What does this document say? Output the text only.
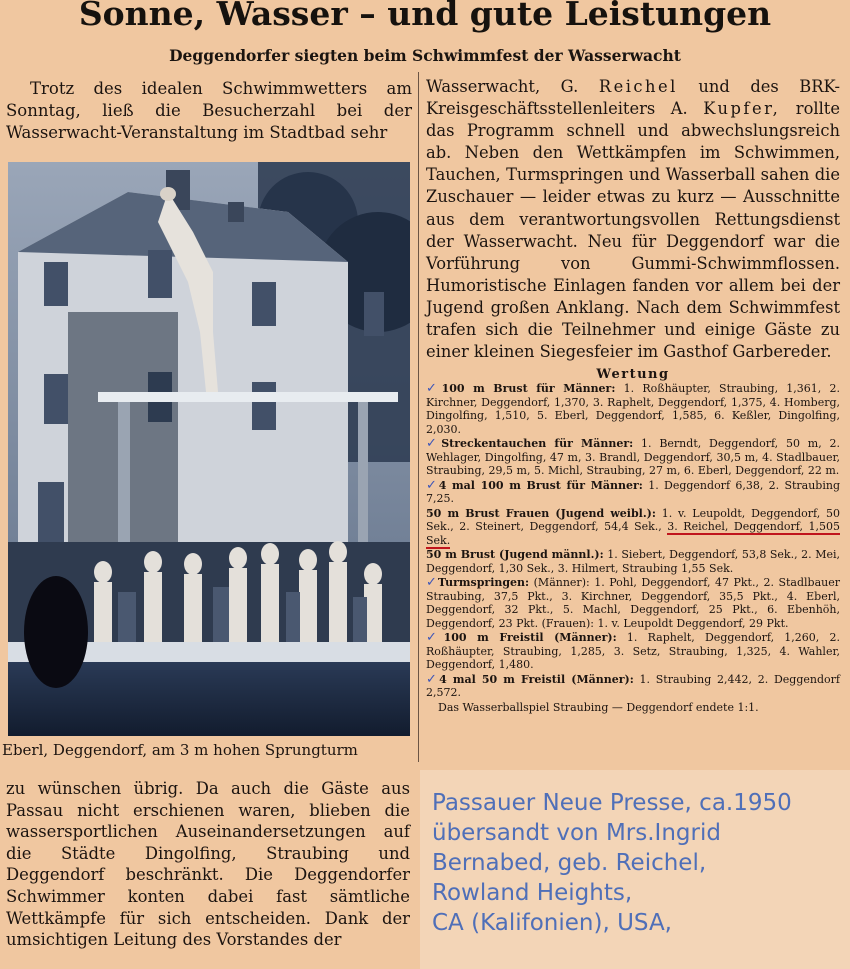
Sonne, Wasser – und gute Leistungen
Deggendorfer siegten beim Schwimmfest der Wasserwacht

Trotz des idealen Schwimmwetters am Sonntag, ließ die Besucherzahl bei der Wasserwacht-Veranstaltung im Stadtbad sehr

Eberl, Deggendorf, am 3 m hohen Sprungturm

Wasserwacht, G. Reichel und des BRK-Kreisgeschäftsstellenleiters A. Kupfer, rollte das Programm schnell und abwechslungsreich ab. Neben den Wettkämpfen im Schwimmen, Tauchen, Turmspringen und Wasserball sahen die Zuschauer — leider etwas zu kurz — Ausschnitte aus dem verantwortungsvollen Rettungsdienst der Wasserwacht. Neu für Deggendorf war die Vorführung von Gummi-Schwimmflossen. Humoristische Einlagen fanden vor allem bei der Jugend großen Anklang. Nach dem Schwimmfest trafen sich die Teilnehmer und einige Gäste zu einer kleinen Siegesfeier im Gasthof Garbereder.

Wertung

✓100 m Brust für Männer: 1. Roßhäupter, Straubing, 1,361, 2. Kirchner, Deggendorf, 1,370, 3. Raphelt, Deggendorf, 1,375, 4. Homberg, Dingolfing, 1,510, 5. Eberl, Deggendorf, 1,585, 6. Keßler, Dingolfing, 2,030.

✓Streckentauchen für Männer: 1. Berndt, Deggendorf, 50 m, 2. Wehlager, Dingolfing, 47 m, 3. Brandl, Deggendorf, 30,5 m, 4. Stadlbauer, Straubing, 29,5 m, 5. Michl, Straubing, 27 m, 6. Eberl, Deggendorf, 22 m.

✓4 mal 100 m Brust für Männer: 1. Deggendorf 6,38, 2. Straubing 7,25.

50 m Brust Frauen (Jugend weibl.): 1. v. Leupoldt, Deggendorf, 50 Sek., 2. Steinert, Deggendorf, 54,4 Sek., 3. Reichel, Deggendorf, 1,505 Sek.

50 m Brust (Jugend männl.): 1. Siebert, Deggendorf, 53,8 Sek., 2. Mei, Deggendorf, 1,30 Sek., 3. Hilmert, Straubing 1,55 Sek.

✓Turmspringen: (Männer): 1. Pohl, Deggendorf, 47 Pkt., 2. Stadlbauer Straubing, 37,5 Pkt., 3. Kirchner, Deggendorf, 35,5 Pkt., 4. Eberl, Deggendorf, 32 Pkt., 5. Machl, Deggendorf, 25 Pkt., 6. Ebenhöh, Deggendorf, 23 Pkt. (Frauen): 1. v. Leupoldt Deggendorf, 29 Pkt.

✓100 m Freistil (Männer): 1. Raphelt, Deggendorf, 1,260, 2. Roßhäupter, Straubing, 1,285, 3. Setz, Straubing, 1,325, 4. Wahler, Deggendorf, 1,480.

✓4 mal 50 m Freistil (Männer): 1. Straubing 2,442, 2. Deggendorf 2,572.

Das Wasserballspiel Straubing — Deggendorf endete 1:1.

zu wünschen übrig. Da auch die Gäste aus Passau nicht erschienen waren, blieben die wassersportlichen Auseinandersetzungen auf die Städte Dingolfing, Straubing und Deggendorf beschränkt. Die Deggendorfer Schwimmer konten dabei fast sämtliche Wettkämpfe für sich entscheiden. Dank der umsichtigen Leitung des Vorstandes der

Passauer Neue Presse, ca.1950
übersandt von Mrs.Ingrid
Bernabed, geb. Reichel,
Rowland Heights,
CA (Kalifonien), USA,
